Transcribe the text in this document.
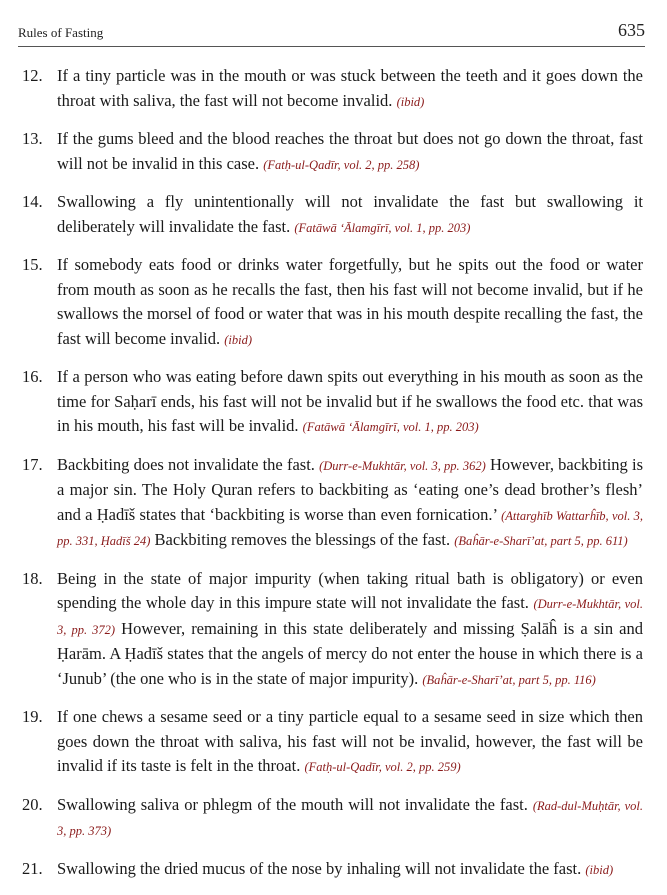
Rules of Fasting	635
12. If a tiny particle was in the mouth or was stuck between the teeth and it goes down the throat with saliva, the fast will not become invalid. (ibid)
13. If the gums bleed and the blood reaches the throat but does not go down the throat, fast will not be invalid in this case. (Fatḥ-ul-Qadīr, vol. 2, pp. 258)
14. Swallowing a fly unintentionally will not invalidate the fast but swallowing it deliberately will invalidate the fast. (Fatāwā ‘Ālamgīrī, vol. 1, pp. 203)
15. If somebody eats food or drinks water forgetfully, but he spits out the food or water from mouth as soon as he recalls the fast, then his fast will not become invalid, but if he swallows the morsel of food or water that was in his mouth despite recalling the fast, the fast will become invalid. (ibid)
16. If a person who was eating before dawn spits out everything in his mouth as soon as the time for Saḥarī ends, his fast will not be invalid but if he swallows the food etc. that was in his mouth, his fast will be invalid. (Fatāwā ‘Ālamgīrī, vol. 1, pp. 203)
17. Backbiting does not invalidate the fast. (Durr-e-Mukhtār, vol. 3, pp. 362) However, backbiting is a major sin. The Holy Quran refers to backbiting as ‘eating one’s dead brother’s flesh’ and a Ḥadīš states that ‘backbiting is worse than even fornication.’ (Attarghīb Wattarĥīb, vol. 3, pp. 331, Ḥadīš 24) Backbiting removes the blessings of the fast. (Baĥār-e-Sharī’at, part 5, pp. 611)
18. Being in the state of major impurity (when taking ritual bath is obligatory) or even spending the whole day in this impure state will not invalidate the fast. (Durr-e-Mukhtār, vol. 3, pp. 372) However, remaining in this state deliberately and missing Ṣalāĥ is a sin and Ḥarām. A Ḥadīš states that the angels of mercy do not enter the house in which there is a ‘Junub’ (the one who is in the state of major impurity). (Baĥār-e-Sharī’at, part 5, pp. 116)
19. If one chews a sesame seed or a tiny particle equal to a sesame seed in size which then goes down the throat with saliva, his fast will not be invalid, however, the fast will be invalid if its taste is felt in the throat. (Fatḥ-ul-Qadīr, vol. 2, pp. 259)
20. Swallowing saliva or phlegm of the mouth will not invalidate the fast. (Rad-dul-Muḥtār, vol. 3, pp. 373)
21. Swallowing the dried mucus of the nose by inhaling will not invalidate the fast. (ibid)
